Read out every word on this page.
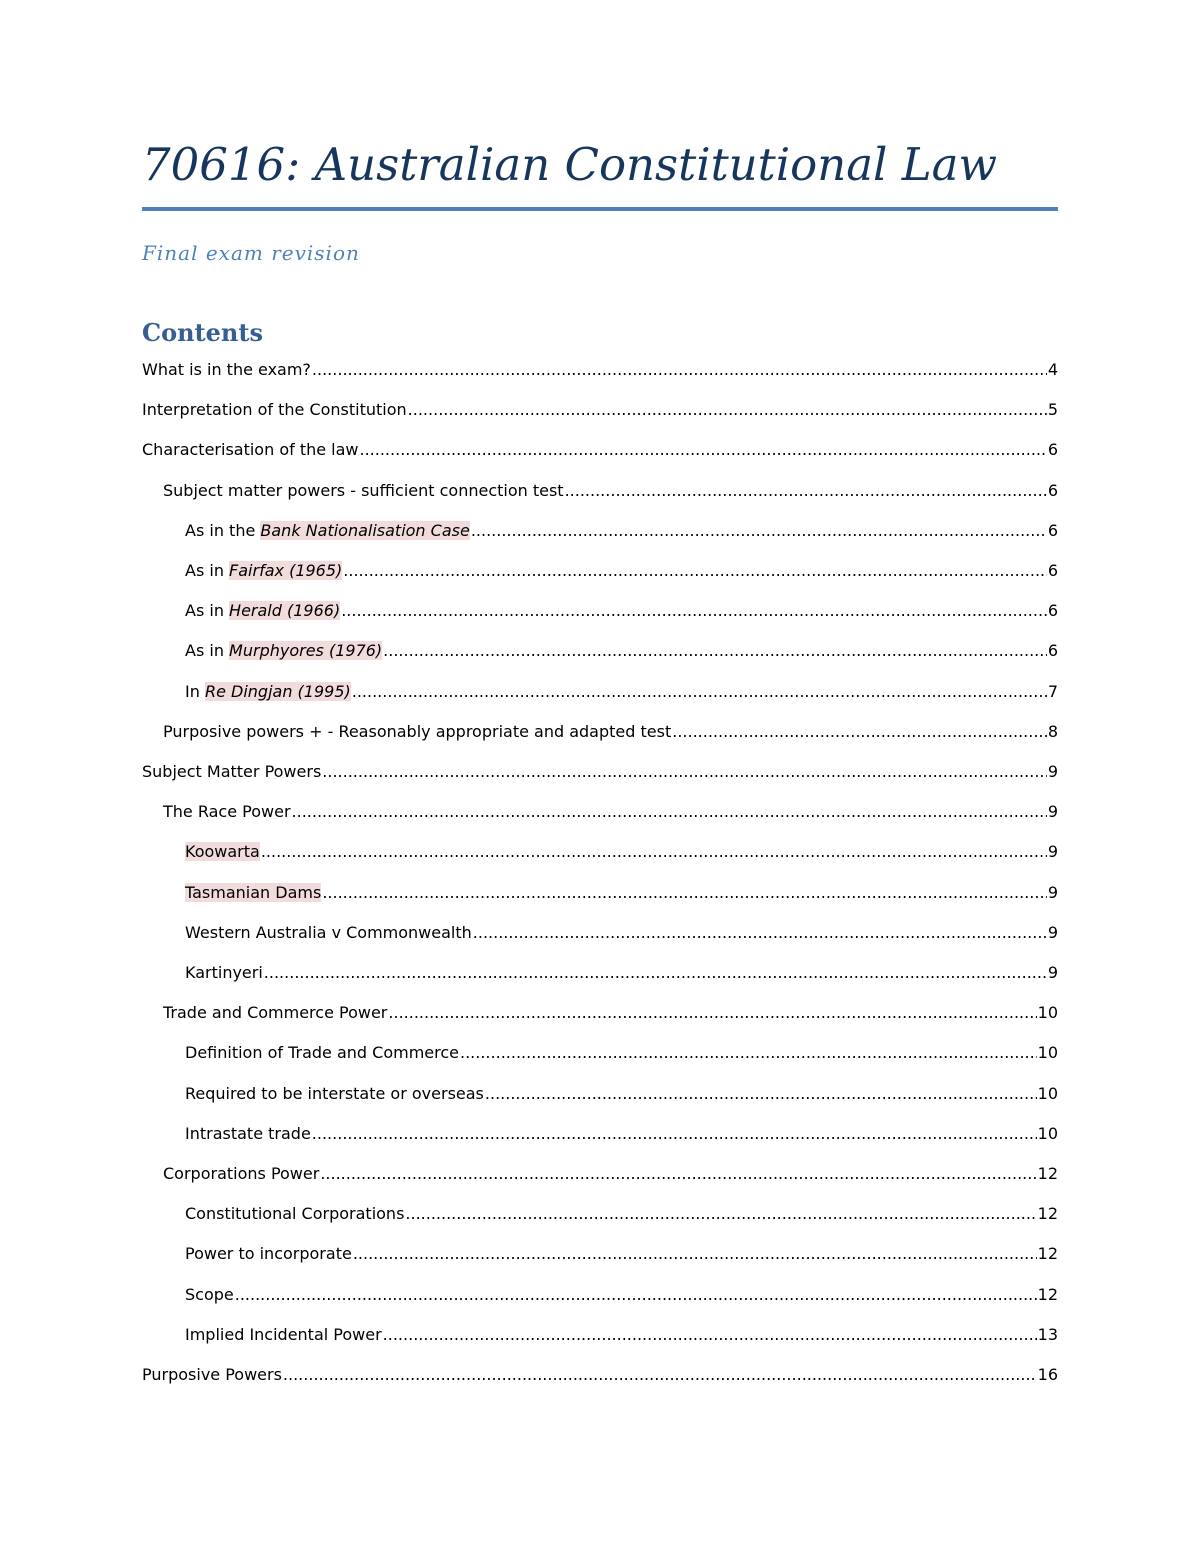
70616: Australian Constitutional Law
Final exam revision
Contents
What is in the exam? .....	4
Interpretation of the Constitution .....	5
Characterisation of the law .....	6
Subject matter powers - sufficient connection test .....	6
As in the Bank Nationalisation Case .....	6
As in Fairfax (1965) .....	6
As in Herald (1966) .....	6
As in Murphyores (1976) .....	6
In Re Dingjan (1995) .....	7
Purposive powers + - Reasonably appropriate and adapted test .....	8
Subject Matter Powers .....	9
The Race Power .....	9
Koowarta .....	9
Tasmanian Dams .....	9
Western Australia v Commonwealth .....	9
Kartinyeri .....	9
Trade and Commerce Power .....	10
Definition of Trade and Commerce .....	10
Required to be interstate or overseas .....	10
Intrastate trade .....	10
Corporations Power .....	12
Constitutional Corporations .....	12
Power to incorporate .....	12
Scope .....	12
Implied Incidental Power .....	13
Purposive Powers .....	16
